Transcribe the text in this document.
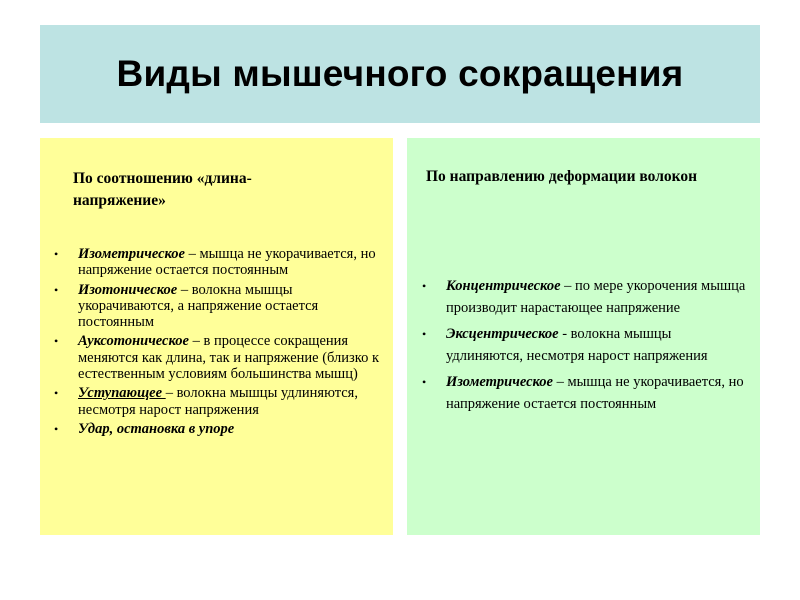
Виды мышечного сокращения
По соотношению «длина-напряжение»
• Изометрическое – мышца не укорачивается, но напряжение остается постоянным
• Изотоническое – волокна мышцы укорачиваются, а напряжение остается постоянным
• Ауксотоническое – в процессе сокращения меняются как длина, так и напряжение (близко к естественным условиям большинства мышц)
• Уступающее – волокна мышцы удлиняются, несмотря нарост напряжения
• Удар, остановка в упоре
По направлению деформации волокон
• Концентрическое – по мере укорочения мышца производит нарастающее напряжение
• Эксцентрическое - волокна мышцы удлиняются, несмотря нарост напряжения
• Изометрическое – мышца не укорачивается, но напряжение остается постоянным
